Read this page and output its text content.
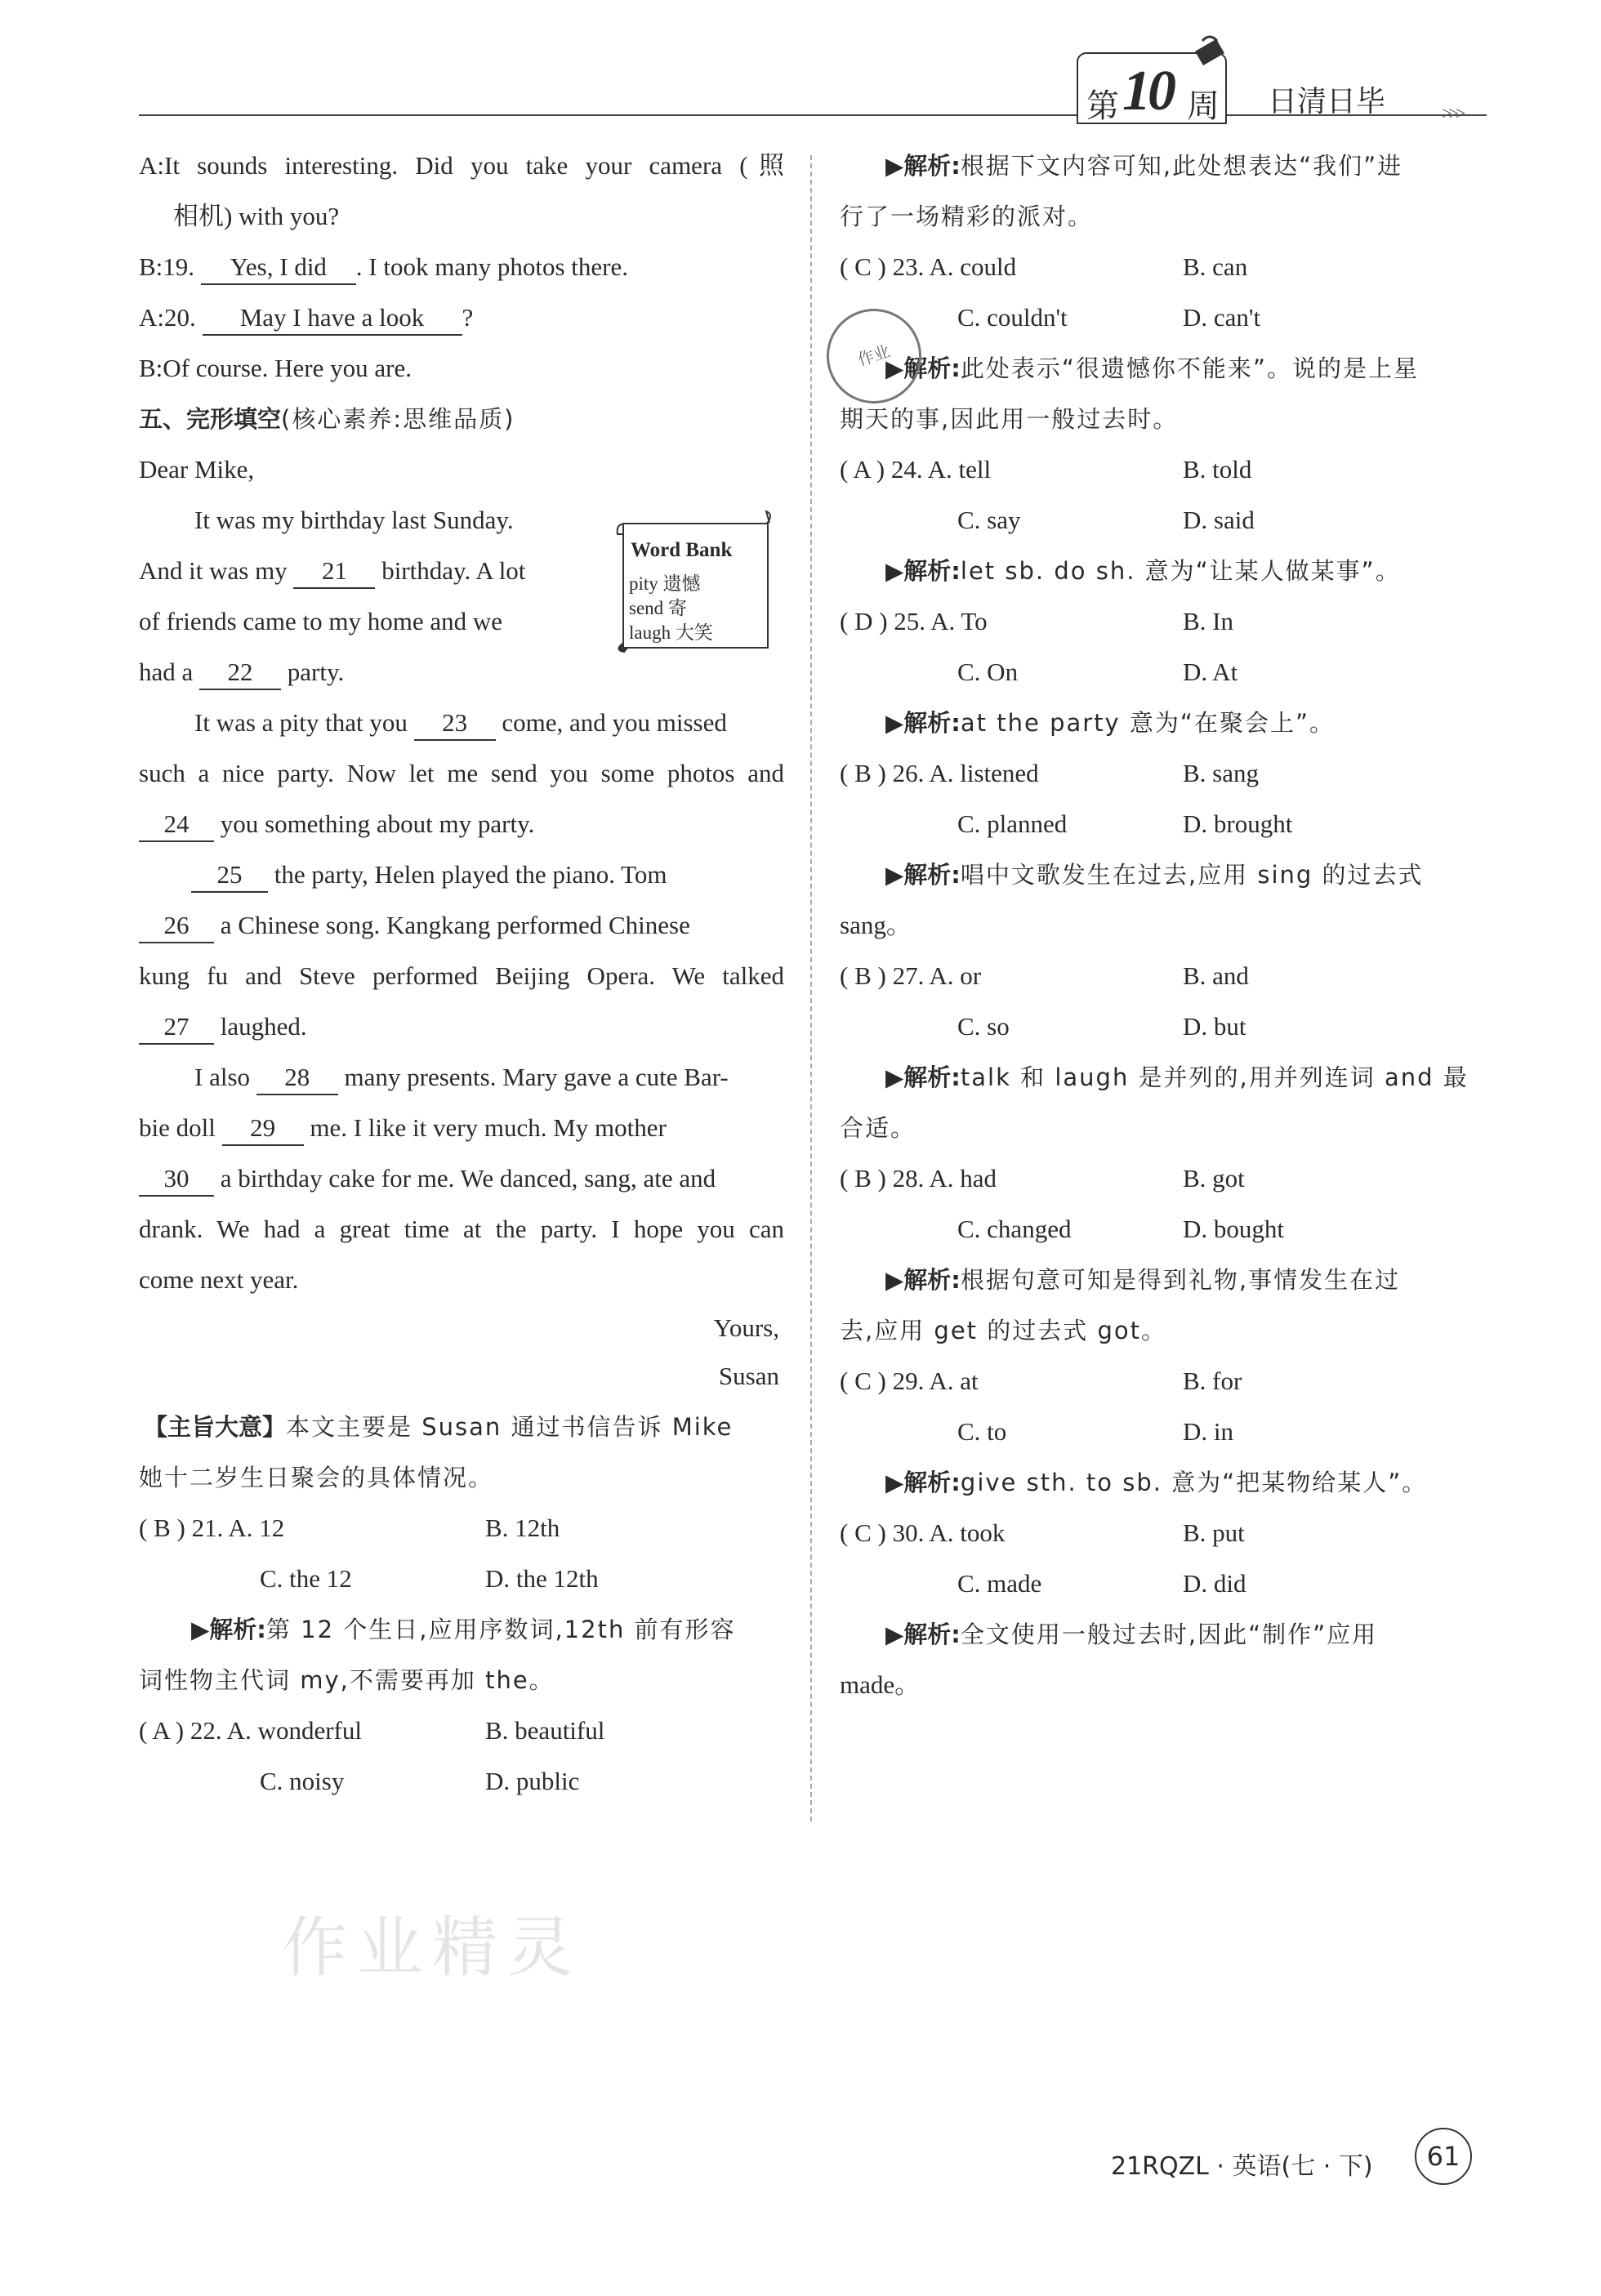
>>>
第 10 周 日清日毕
A:It sounds interesting. Did you take your camera (照
相机) with you?
B:19. Yes, I did . I took many photos there.
A:20. May I have a look ?
B:Of course. Here you are.
五、完形填空(核心素养:思维品质)
Dear Mike,
It was my birthday last Sunday.
And it was my 21 birthday. A lot
of friends came to my home and we
had a 22 party.
It was a pity that you 23 come, and you missed
such a nice party. Now let me send you some photos and
24 you something about my party.
25 the party, Helen played the piano. Tom
26 a Chinese song. Kangkang performed Chinese
kung fu and Steve performed Beijing Opera. We talked
27 laughed.
I also 28 many presents. Mary gave a cute Bar-
bie doll 29 me. I like it very much. My mother
30 a birthday cake for me. We danced, sang, ate and
drank. We had a great time at the party. I hope you can
come next year.
Yours,
Susan
【主旨大意】本文主要是 Susan 通过书信告诉 Mike
她十二岁生日聚会的具体情况。
( B ) 21. A. 12	B. 12th
C. the 12	D. the 12th
▶解析:第 12 个生日,应用序数词,12th 前有形容
词性物主代词 my,不需要再加 the。
( A ) 22. A. wonderful	B. beautiful
C. noisy	D. public
Word Bank
pity 遗憾
send 寄
laugh 大笑
▶解析:根据下文内容可知,此处想表达“我们”进
行了一场精彩的派对。
( C ) 23. A. could	B. can
C. couldn't	D. can't
▶解析:此处表示“很遗憾你不能来”。说的是上星
期天的事,因此用一般过去时。
( A ) 24. A. tell	B. told
C. say	D. said
▶解析:let sb. do sh. 意为“让某人做某事”。
( D ) 25. A. To	B. In
C. On	D. At
▶解析:at the party 意为“在聚会上”。
( B ) 26. A. listened	B. sang
C. planned	D. brought
▶解析:唱中文歌发生在过去,应用 sing 的过去式
sang。
( B ) 27. A. or	B. and
C. so	D. but
▶解析:talk 和 laugh 是并列的,用并列连词 and 最
合适。
( B ) 28. A. had	B. got
C. changed	D. bought
▶解析:根据句意可知是得到礼物,事情发生在过
去,应用 get 的过去式 got。
( C ) 29. A. at	B. for
C. to	D. in
▶解析:give sth. to sb. 意为“把某物给某人”。
( C ) 30. A. took	B. put
C. made	D. did
▶解析:全文使用一般过去时,因此“制作”应用
made。
作业
作业精灵
21RQZL · 英语(七 · 下)	61
